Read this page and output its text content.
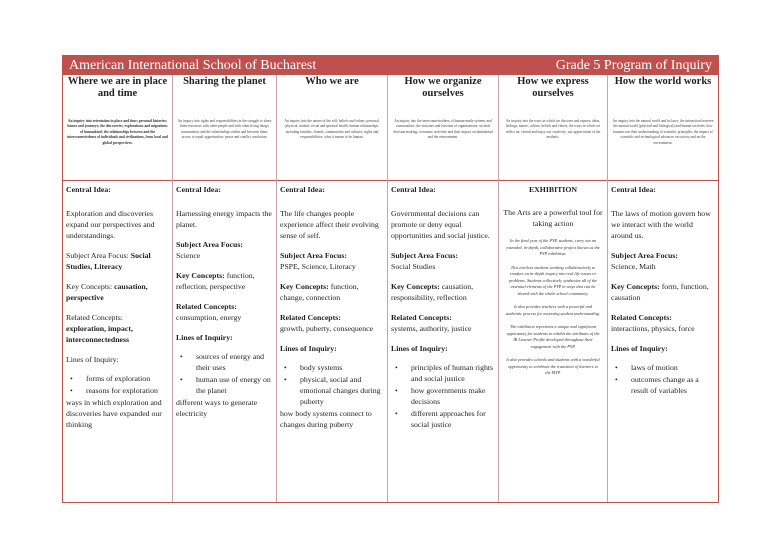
American International School of Bucharest	Grade 5 Program of Inquiry
Where we are in place and time
An inquiry into orientation in place and time; personal histories; homes and journeys; the discoveries, explorations and migrations of humankind; the relationships between and the interconnectedness of individuals and civilizations, from local and global perspectives.

Central Idea:

Exploration and discoveries expand our perspectives and understandings.

Subject Area Focus: Social Studies, Literacy

Key Concepts: causation, perspective

Related Concepts:
exploration, impact, interconnectedness

Lines of Inquiry:

• forms of exploration
• reasons for exploration

ways in which exploration and discoveries have expanded our thinking

Sharing the planet
An inquiry into rights and responsibilities in the struggle to share finite resources with other people and with other living things; communities and the relationships within and between them; access to equal opportunities; peace and conflict resolution.

Central Idea:

Harnessing energy impacts the planet.

Subject Area Focus:
Science

Key Concepts: function, reflection, perspective

Related Concepts:
consumption, energy

Lines of Inquiry:

• sources of energy and their uses
• human use of energy on the planet

different ways to generate electricity

Who we are
An inquiry into the nature of the self; beliefs and values; personal, physical, mental, social and spiritual health; human relationships including families, friends, communities and cultures; rights and responsibilities; what it means to be human.

Central Idea:

The life changes people experience affect their evolving sense of self.

Subject Area Focus:
PSPE, Science, Literacy

Key Concepts: function, change, connection

Related Concepts:
growth, puberty, consequence

Lines of Inquiry:

• body systems
• physical, social and emotional changes during puberty

how body systems connect to changes during puberty

How we organize ourselves
An inquiry into the interconnectedness of human-made systems and communities; the structure and function of organizations; societal decision-making; economic activities and their impact on humankind and the environment.

Central Idea:

Governmental decisions can promote or deny equal opportunities and social justice.

Subject Area Focus:
Social Studies

Key Concepts: causation, responsibility, reflection

Related Concepts:
systems, authority, justice

Lines of Inquiry:

• principles of human rights and social justice
• how governments make decisions
• different approaches for social justice
How we express ourselves
An inquiry into the ways in which we discover and express ideas, feelings, nature, culture, beliefs and values; the ways in which we reflect on, extend and enjoy our creativity; our appreciation of the aesthetic.

EXHIBITION

The Arts are a powerful tool for taking action

In the final year of the PYP, students, carry out an extended, in-depth, collaborative project known as the PYP exhibition.

This involves students working collaboratively to conduct an in-depth inquiry into real life issues or problems. Students collectively synthesize all of the essential elements of the PYP in ways that can be shared with the whole school community.

It also provides teachers with a powerful and authentic process for assessing student understanding.

The exhibition represents a unique and significant opportunity for students to exhibit the attributes of the IB Learner Profile developed throughout their engagement with the PYP.

It also provides schools and students with a wonderful opportunity to celebrate the transition of learners to the MYP.

How the world works
An inquiry into the natural world and its laws; the interaction between the natural world (physical and biological) and human societies; how humans use their understanding of scientific principles; the impact of scientific and technological advances on society and on the environment.

Central Idea:

The laws of motion govern how we interact with the world around us.

Subject Area Focus:
Science, Math

Key Concepts: form, function, causation

Related Concepts:
interactions, physics, force

Lines of Inquiry:

• laws of motion
• outcomes change as a result of variables
